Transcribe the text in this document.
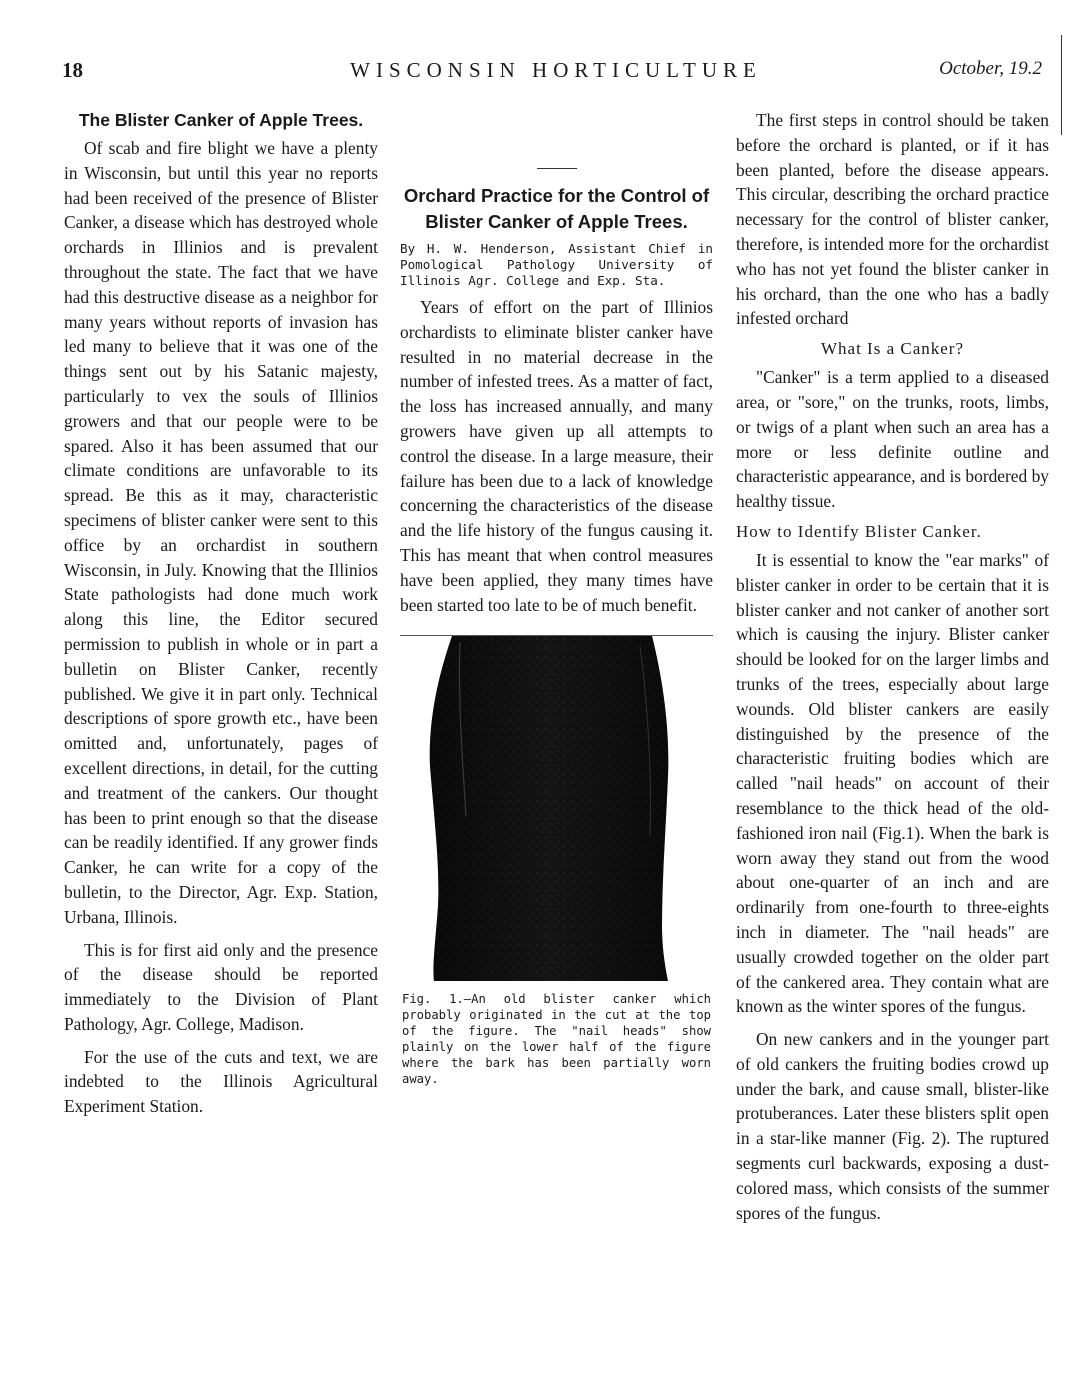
18	WISCONSIN HORTICULTURE	October, 19.2
The Blister Canker of Apple Trees.

Of scab and fire blight we have a plenty in Wisconsin, but until this year no reports had been received of the presence of Blister Canker, a disease which has destroyed whole orchards in Illinios and is prevalent throughout the state. The fact that we have had this destructive disease as a neighbor for many years without reports of invasion has led many to believe that it was one of the things sent out by his Satanic majesty, particularly to vex the souls of Illinios growers and that our people were to be spared. Also it has been assumed that our climate conditions are unfavorable to its spread. Be this as it may, characteristic specimens of blister canker were sent to this office by an orchardist in southern Wisconsin, in July. Knowing that the Illinios State pathologists had done much work along this line, the Editor secured permission to publish in whole or in part a bulletin on Blister Canker, recently published. We give it in part only. Technical descriptions of spore growth etc., have been omitted and, unfortunately, pages of excellent directions, in detail, for the cutting and treatment of the cankers. Our thought has been to print enough so that the disease can be readily identified. If any grower finds Canker, he can write for a copy of the bulletin, to the Director, Agr. Exp. Station, Urbana, Illinois.

This is for first aid only and the presence of the disease should be reported immediately to the Division of Plant Pathology, Agr. College, Madison.

For the use of the cuts and text, we are indebted to the Illinois Agricultural Experiment Station.

Orchard Practice for the Control of Blister Canker of Apple Trees.

By H. W. Henderson, Assistant Chief in Pomological Pathology University of Illinois Agr. College and Exp. Sta.

Years of effort on the part of Illinios orchardists to eliminate blister canker have resulted in no material decrease in the number of infested trees. As a matter of fact, the loss has increased annually, and many growers have given up all attempts to control the disease. In a large measure, their failure has been due to a lack of knowledge concerning the characteristics of the disease and the life history of the fungus causing it. This has meant that when control measures have been applied, they many times have been started too late to be of much benefit.

Fig. 1.—An old blister canker which probably originated in the cut at the top of the figure. The "nail heads" show plainly on the lower half of the figure where the bark has been partially worn away.

The first steps in control should be taken before the orchard is planted, or if it has been planted, before the disease appears. This circular, describing the orchard practice necessary for the control of blister canker, therefore, is intended more for the orchardist who has not yet found the blister canker in his orchard, than the one who has a badly infested orchard

What Is a Canker?

"Canker" is a term applied to a diseased area, or "sore," on the trunks, roots, limbs, or twigs of a plant when such an area has a more or less definite outline and characteristic appearance, and is bordered by healthy tissue.

How to Identify Blister Canker.

It is essential to know the "ear marks" of blister canker in order to be certain that it is blister canker and not canker of another sort which is causing the injury. Blister canker should be looked for on the larger limbs and trunks of the trees, especially about large wounds. Old blister cankers are easily distinguished by the presence of the characteristic fruiting bodies which are called "nail heads" on account of their resemblance to the thick head of the old-fashioned iron nail (Fig.1). When the bark is worn away they stand out from the wood about one-quarter of an inch and are ordinarily from one-fourth to three-eights inch in diameter. The "nail heads" are usually crowded together on the older part of the cankered area. They contain what are known as the winter spores of the fungus.

On new cankers and in the younger part of old cankers the fruiting bodies crowd up under the bark, and cause small, blister-like protuberances. Later these blisters split open in a star-like manner (Fig. 2). The ruptured segments curl backwards, exposing a dust-colored mass, which consists of the summer spores of the fungus.
